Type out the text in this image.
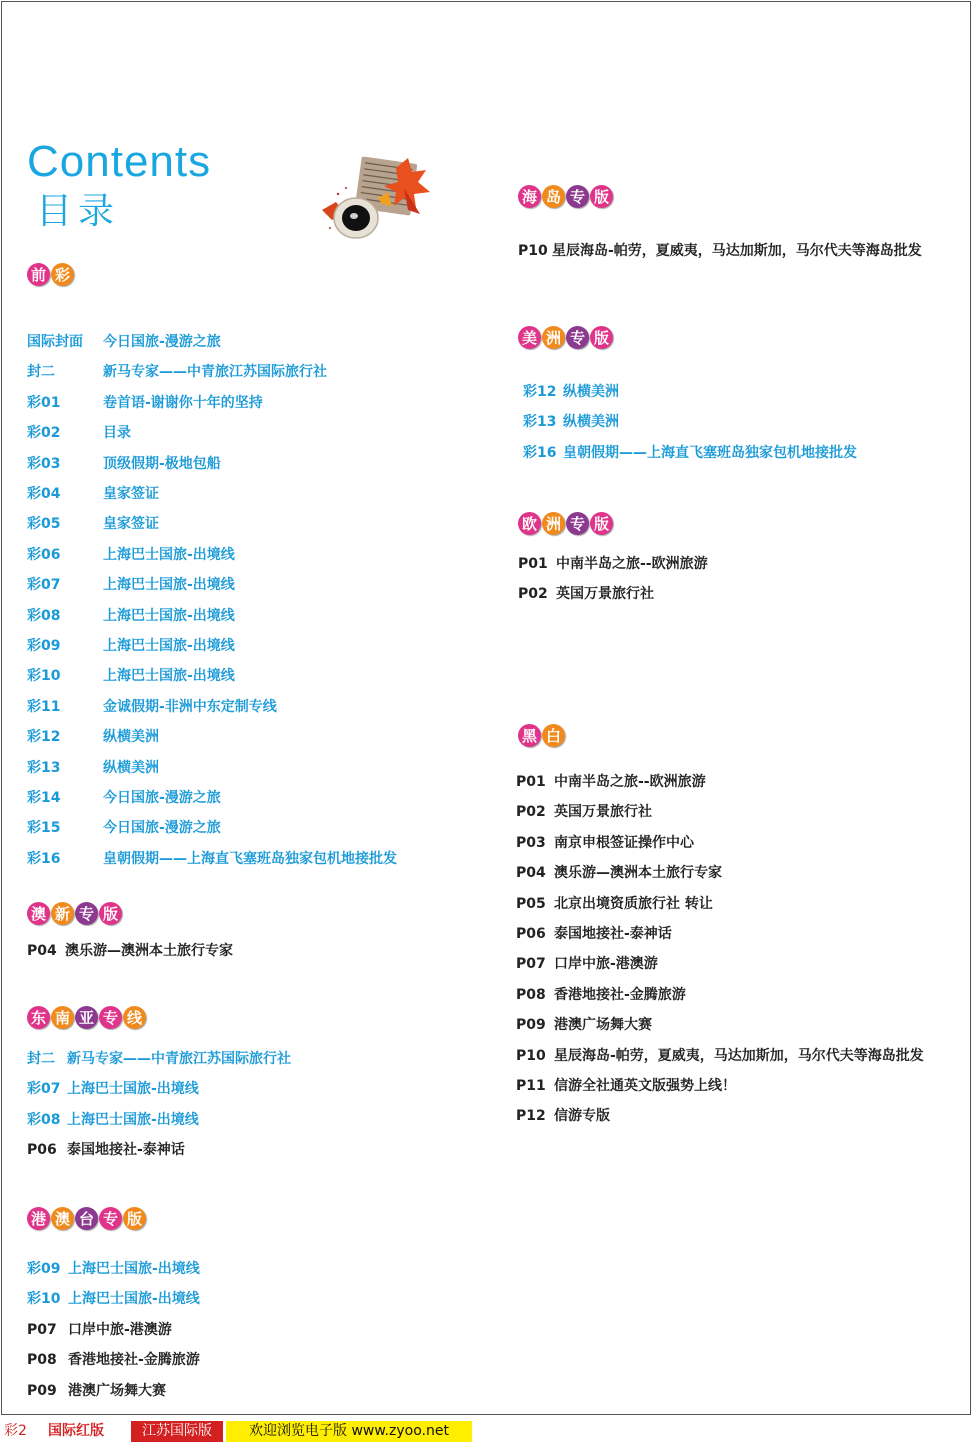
Contents
目录
前 彩
国际封面 今日国旅-漫游之旅
封二	新马专家——中青旅江苏国际旅行社
彩01	卷首语-谢谢你十年的坚持
彩02	目录
彩03	顶级假期-极地包船
彩04	皇家签证
彩05	皇家签证
彩06	上海巴士国旅-出境线
彩07	上海巴士国旅-出境线
彩08	上海巴士国旅-出境线
彩09	上海巴士国旅-出境线
彩10	上海巴士国旅-出境线
彩11	金诚假期-非洲中东定制专线
彩12	纵横美洲
彩13	纵横美洲
彩14	今日国旅-漫游之旅
彩15	今日国旅-漫游之旅
彩16	皇朝假期——上海直飞塞班岛独家包机地接批发
澳 新 专 版
P04 澳乐游—澳洲本土旅行专家
东 南 亚 专 线
封二 新马专家——中青旅江苏国际旅行社
彩07 上海巴士国旅-出境线
彩08 上海巴士国旅-出境线
P06 泰国地接社-泰神话
港 澳 台 专 版
彩09 上海巴士国旅-出境线
彩10 上海巴士国旅-出境线
P07 口岸中旅-港澳游
P08 香港地接社-金腾旅游
P09 港澳广场舞大赛
海 岛 专 版
P10 星辰海岛-帕劳，夏威夷，马达加斯加，马尔代夫等海岛批发
美 洲 专 版
彩12 纵横美洲
彩13 纵横美洲
彩16 皇朝假期——上海直飞塞班岛独家包机地接批发
欧 洲 专 版
P01 中南半岛之旅--欧洲旅游
P02 英国万景旅行社
黑 白
P01 中南半岛之旅--欧洲旅游
P02 英国万景旅行社
P03 南京申根签证操作中心
P04 澳乐游—澳洲本土旅行专家
P05 北京出境资质旅行社 转让
P06 泰国地接社-泰神话
P07 口岸中旅-港澳游
P08 香港地接社-金腾旅游
P09 港澳广场舞大赛
P10 星辰海岛-帕劳，夏威夷，马达加斯加，马尔代夫等海岛批发
P11 信游全社通英文版强势上线！
P12 信游专版
彩2 国际红版	江苏国际版	欢迎浏览电子版 www.zyoo.net
